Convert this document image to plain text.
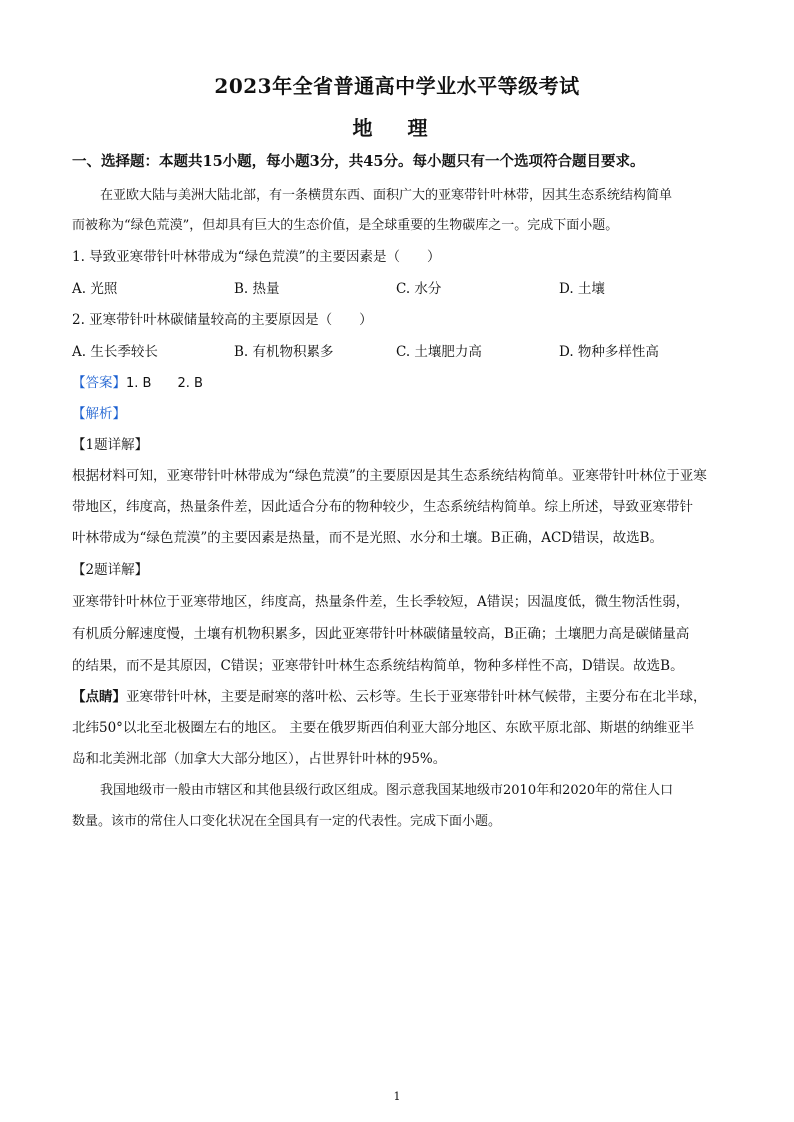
2023年全省普通高中学业水平等级考试
地 理
一、选择题：本题共15小题，每小题3分，共45分。每小题只有一个选项符合题目要求。
在亚欧大陆与美洲大陆北部，有一条横贯东西、面积广大的亚寒带针叶林带，因其生态系统结构简单
而被称为“绿色荒漠”，但却具有巨大的生态价值，是全球重要的生物碳库之一。完成下面小题。
1. 导致亚寒带针叶林带成为“绿色荒漠”的主要因素是（　　）
A. 光照	B. 热量	C. 水分	D. 土壤
2. 亚寒带针叶林碳储量较高的主要原因是（　　）
A. 生长季较长	B. 有机物积累多	C. 土壤肥力高	D. 物种多样性高
【答案】1. B　　2. B
【解析】
【1题详解】
根据材料可知，亚寒带针叶林带成为“绿色荒漠”的主要原因是其生态系统结构简单。亚寒带针叶林位于亚寒
带地区，纬度高，热量条件差，因此适合分布的物种较少，生态系统结构简单。综上所述，导致亚寒带针
叶林带成为“绿色荒漠”的主要因素是热量，而不是光照、水分和土壤。B正确，ACD错误，故选B。
【2题详解】
亚寒带针叶林位于亚寒带地区，纬度高，热量条件差，生长季较短，A错误；因温度低，微生物活性弱，
有机质分解速度慢，土壤有机物积累多，因此亚寒带针叶林碳储量较高，B正确；土壤肥力高是碳储量高
的结果，而不是其原因，C错误；亚寒带针叶林生态系统结构简单，物种多样性不高，D错误。故选B。
【点睛】亚寒带针叶林，主要是耐寒的落叶松、云杉等。生长于亚寒带针叶林气候带，主要分布在北半球，
北纬50°以北至北极圈左右的地区。 主要在俄罗斯西伯利亚大部分地区、东欧平原北部、斯堪的纳维亚半
岛和北美洲北部（加拿大大部分地区），占世界针叶林的95%。
我国地级市一般由市辖区和其他县级行政区组成。图示意我国某地级市2010年和2020年的常住人口
数量。该市的常住人口变化状况在全国具有一定的代表性。完成下面小题。
1
